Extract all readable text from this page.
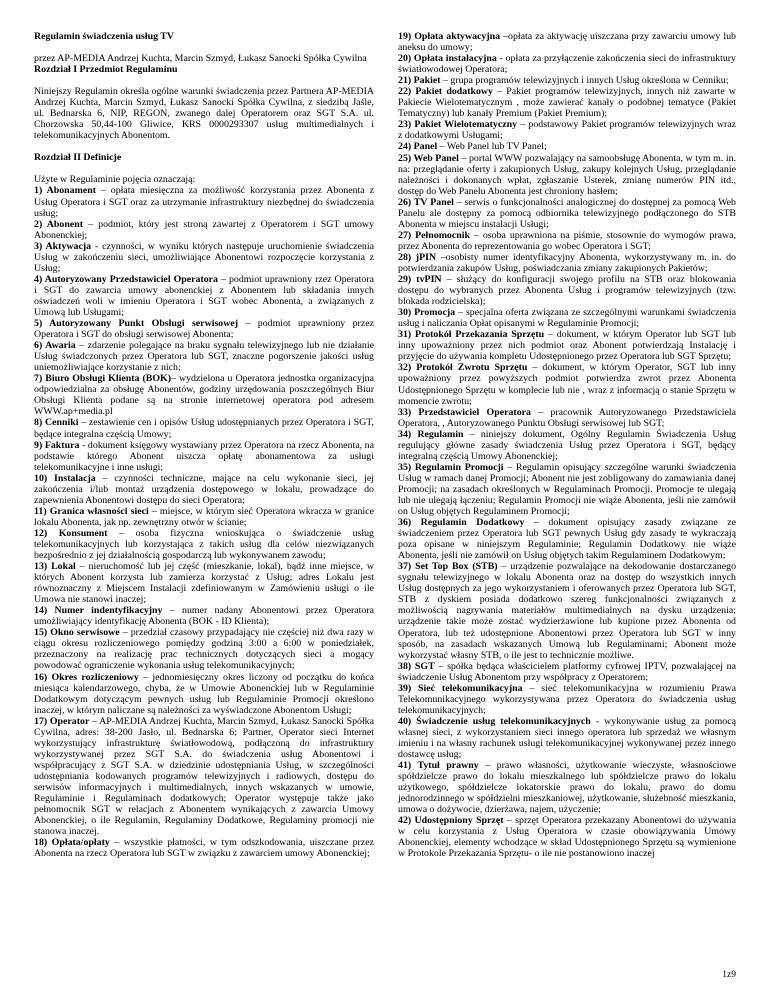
Regulamin świadczenia usług TV

przez AP-MEDIA Andrzej Kuchta, Marcin Szmyd, Łukasz Sanocki Spółka Cywilna

Rozdział I Przedmiot Regulaminu

Niniejszy Regulamin określa ogólne warunki świadczenia przez Partnera AP-MEDIA Andrzej Kuchta, Marcin Szmyd, Łukasz Sanocki Spółka Cywilna, z siedzibą Jaśle, ul. Bednarska 6, NIP, REGON, zwanego dalej Operatorem oraz SGT S.A. ul. Chorzowska 50,44-100 Gliwice, KRS 0000293307 usług multimedialnych i telekomunikacyjnych Abonentom.

Rozdział II Definicje

Użyte w Regulaminie pojęcia oznaczają:

1) Abonament – opłata miesięczna za możliwość korzystania przez Abonenta z Usług Operatora i SGT oraz za utrzymanie infrastruktury niezbędnej do świadczenia usług;

2) Abonent – podmiot, który jest stroną zawartej z Operatorem i SGT umowy Abonenckiej;

3) Aktywacja - czynności, w wyniku których następuje uruchomienie świadczenia Usług w zakończeniu sieci, umożliwiające Abonentowi rozpoczęcie korzystania z Usług;

4) Autoryzowany Przedstawiciel Operatora – podmiot uprawniony rzez Operatora i SGT do zawarcia umowy abonenckiej z Abonentem lub składania innych oświadczeń woli w imieniu Operatora i SGT wobec Abonenta, a związanych z Umową lub Usługami;

5) Autoryzowany Punkt Obsługi serwisowej – podmiot uprawniony przez Operatora i SGT do obsługi serwisowej Abonenta;

6) Awaria – zdarzenie polegające na braku sygnału telewizyjnego lub nie działanie Usług świadczonych przez Operatora lub SGT, znaczne pogorszenie jakości usług uniemożliwiające korzystanie z nich;

7) Biuro Obsługi Klienta (BOK)– wydzielona u Operatora jednostka organizacyjna odpowiedzialna za obsługę Abonentów, godziny urzędowania poszczególnych Biur Obsługi Klienta podane są na stronie internetowej operatora pod adresem WWW.ap+media.pl

8) Cenniki – zestawienie cen i opisów Usług udostępnianych przez Operatora i SGT, będące integralna częścią Umowy;

9) Faktura - dokument księgowy wystawiany przez Operatora na rzecz Abonenta, na podstawie którego Abonent uiszcza opłatę abonamentowa za usługi telekomunikacyjne i inne usługi;

10) Instalacja – czynności techniczne, mające na celu wykonanie sieci, jej zakończenia i/lub montaż urządzenia dostępowego w lokalu, prowadzące do zapewnienia Abonentowi dostępu do sieci Operatora;

11) Granica własności sieci – miejsce, w którym sieć Operatora wkracza w granice lokalu Abonenta, jak np. zewnętrzny otwór w ścianie;

12) Konsument – osoba fizyczna wnioskująca o świadczenie usług telekomunikacyjnych lub korzystająca z takich usług dla celów niezwiązanych bezpośrednio z jej działalnością gospodarczą lub wykonywanem zawodu;

13) Lokal – nieruchomość lub jej część (mieszkanie, lokal), bądź inne miejsce, w których Abonent korzysta lub zamierza korzystać z Usług; adres Lokalu jest równoznaczny z Miejscem Instalacji zdefiniowanym w Zamówieniu usługi o ile Umowa nie stanowi inaczej;

14) Numer indentyfikacyjny – numer nadany Abonentowi przez Operatora umożliwiający identyfikację Abonenta (BOK - ID Klienta);

15) Okno serwisowe – przedział czasowy przypadający nie częściej niż dwa razy w ciągu okresu rozliczeniowego pomiędzy godziną 3:00 a 6:00 w poniedziałek, przeznaczony na realizację prac technicznych dotyczących sieci a mogący powodować ograniczenie wykonania usług telekomunikacyjnych;

16) Okres rozliczeniowy – jednomiesięczny okres liczony od początku do końca miesiąca kalendarzowego, chyba, że w Umowie Abonenckiej lub w Regulaminie Dodatkowym dotyczącym pewnych usług lub Regulaminie Promocji określono inaczej, w którym naliczane są należności za wyświadczone Abonentom Usługi;

17) Operator – AP-MEDIA Andrzej Kuchta, Marcin Szmyd, Łukasz Sanocki Spółka Cywilna, adres: 38-200 Jasło, ul. Bednarska 6; Partner, Operator sieci Internet wykorzystujący infrastrukturę światłowodową, podłączoną do infrastruktury wykorzystywanej przez SGT S.A. do świadczenia usług Abonentowi i współpracujący z SGT S.A. w dziedzinie udostępniania Usług, w szczególności udostępniania kodowanych programów telewizyjnych i radiowych, dostępu do serwisów informacyjnych i multimedialnych, innych wskazanych w umowie, Regulaminie i Regulaminach dodatkowych; Operator występuje także jako pełnomocnik SGT w relacjach z Abonentem wynikających z zawarcia Umowy Abonenckiej, o ile Regulamin, Regulaminy Dodatkowe, Regulaminy promocji nie stanowa inaczej.

18) Opłata/opłaty – wszystkie płatności, w tym odszkodowania, uiszczane przez Abonenta na rzecz Operatora lub SGT w związku z zawarciem umowy Abonenckiej;

19) Opłata aktywacyjna –opłata za aktywację uiszczana przy zawarciu umowy lub aneksu do umowy;

20) Opłata instalacyjna - opłata za przyłączenie zakończenia sieci do infrastruktury światłowodowej Operatora;

21) Pakiet – grupa programów telewizyjnych i innych Usług określona w Cenniku;

22) Pakiet dodatkowy – Pakiet programów telewizyjnych, innych niż zawarte w Pakiecie Wielotematycznym , może zawierać kanały o podobnej tematyce (Pakiet Tematyczny) lub kanały Premium (Pakiet Premium);

23) Pakiet Wielotematyczny – podstawowy Pakiet programów telewizyjnych wraz z dodatkowymi Usługami;

24) Panel – Web Panel lub TV Panel;

25) Web Panel – portal WWW pozwalający na samoobsługę Abonenta, w tym m. in. na: przeglądanie oferty i zakupionych Usług, zakupy kolejnych Usług, przeglądanie należności i dokonanych wpłat, zgłaszanie Usterek, zmianę numerów PIN itd., dostęp do Web Panelu Abonenta jest chroniony hasłem;

26) TV Panel – serwis o funkcjonalności analogicznej do dostępnej za pomocą Web Panelu ale dostępny za pomocą odbiornika telewizyjnego podłączonego do STB Abonenta w miejscu instalacji Usługi;

27) Pełnomocnik – osoba uprawniona na piśmie, stosownie do wymogów prawa, przez Abonenta do reprezentowania go wobec Operatora i SGT;

28) jPIN –osobisty numer identyfikacyjny Abonenta, wykorzystywany m. in. do potwierdzania zakupów Usług, poświadczania zmiany zakupionych Pakietów;

29) tvPIN – służący do konfiguracji swojego profilu na STB oraz blokowania dostępu do wybranych przez Abonenta Usług i programów telewizyjnych (tzw. blokada rodzicielska);

30) Promocja – specjalna oferta związana ze szczególnymi warunkami świadczenia usług i naliczania Opłat opisanymi w Regulaminie Promocji;

31) Protokół Przekazania Sprzętu – dokument, w którym Operator lub SGT lub inny upoważniony przez nich podmiot oraz Abonent potwierdzają Instalację i przyjęcie do używania kompletu Udostępnionego przez Operatora lub SGT Sprzętu;

32) Protokół Zwrotu Sprzętu – dokument, w którym Operator, SGT lub inny upoważniony przez powyższych podmiot potwierdza zwrot przez Abonenta Udostępnionego Sprzętu w komplecie lub nie , wraz z informacją o stanie Sprzętu w momencie zwrotu;

33) Przedstawiciel Operatora – pracownik Autoryzowanego Przedstawiciela Operatora, , Autoryzowanego Punktu Obsługi serwisowej lub SGT;

34) Regulamin – niniejszy dokument, Ogólny Regulamin Świadczenia Usług regulujący główne zasady świadczenia Usług przez Operatora i SGT, będący integralną częścią Umowy Abonenckiej;

35) Regulamin Promocji – Regulamin opisujący szczególne warunki świadczenia Usług w ramach danej Promocji; Abonent nie jest zobligowany do zamawiania danej Promocji; na zasadach określonych w Regulaminach Promocji. Promocje te ulegają lub nie ulegają łączeniu; Regulamin Promocji nie wiąże Abonenta, jeśli nie zamówił on Usług objętych Regulaminem Promocji;

36) Regulamin Dodatkowy – dokument opisujący zasady związane ze świadczeniem przez Operatora lub SGT pewnych Usług gdy zasady te wykraczają poza opisane w niniejszym Regulaminie; Regulamin Dodatkowy nie wiąże Abonenta, jeśli nie zamówił on Usług objętych takim Regulaminem Dodatkowym;

37) Set Top Box (STB) – urządzenie pozwalające na dekodowanie dostarczanego sygnału telewizyjnego w lokalu Abonenta oraz na dostęp do wszystkich innych Usług dostępnych za jego wykorzystaniem i oferowanych przez Operatora lub SGT, STB z dyskiem posiada dodatkowo szereg funkcjonalności związanych z możliwością nagrywania materiałów multimedialnych na dysku urządzenia; urządzenie takie może zostać wydzierżawione lub kupione przez Abonenta od Operatora, lub też udostępnione Abonentowi przez Operatora lub SGT w inny sposób, na zasadach wskazanych Umową lub Regulaminami; Abonent może wykorzystać własny STB, o ile jest to technicznie możliwe.

38) SGT – spółka będąca właścicielem platformy cyfrowej IPTV, pozwalającej na świadczenie Usług Abonentom przy współpracy z Operatorem;

39) Sieć telekomunikacyjna – sieć telekomunikacyjna w rozumieniu Prawa Telekomunikacyjnego wykorzystywana przez Operatora do świadczenia usług telekomunikacyjnych;

40) Świadczenie usług telekomunikacyjnych - wykonywanie usług za pomocą własnej sieci, z wykorzystaniem sieci innego operatora lub sprzedaż we własnym imieniu i na własny rachunek usługi telekomunikacyjnej wykonywanej przez innego dostawcę usług;

41) Tytuł prawny – prawo własności, użytkowanie wieczyste, własnościowe spółdzielcze prawo do lokalu mieszkalnego lub spółdzielcze prawo do lokalu użytkowego, spółdzielcze lokatorskie prawo do lokalu, prawo do domu jednorodzinnego w spółdzielni mieszkaniowej, użytkowanie, służebność mieszkania, umowa o dożywocie, dzierżawa, najem, użyczenie;

42) Udostępniony Sprzęt – sprzęt Operatora przekazany Abonentowi do używania w celu korzystania z Usług Operatora w czasie obowiązywania Umowy Abonenckiej, elementy wchodzące w skład Udostępnionego Sprzętu są wymienione w Protokole Przekazania Sprzętu- o ile nie postanowiono inaczej

1z9
